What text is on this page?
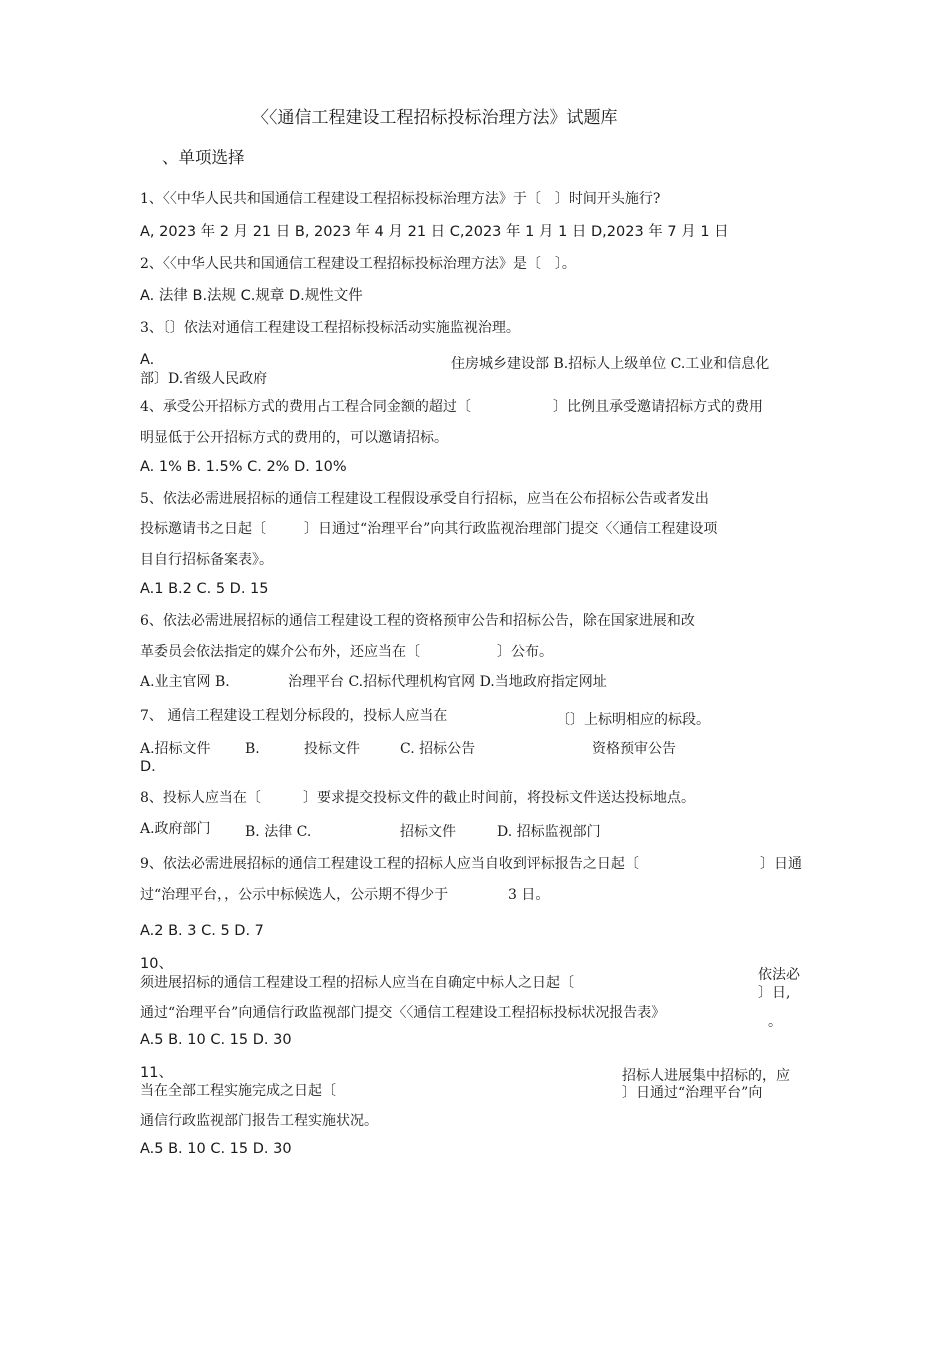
〈〈通信工程建设工程招标投标治理方法》试题库
、单项选择
1、〈〈中华人民共和国通信工程建设工程招标投标治理方法》于〔　〕时间开头施行?
A, 2023 年 2 月 21 日 B, 2023 年 4 月 21 日 C,2023 年 1 月 1 日 D,2023 年 7 月 1 日
2、〈〈中华人民共和国通信工程建设工程招标投标治理方法》是〔　〕。
A. 法律 B.法规 C.规章 D.规性文件
3、〔〕依法对通信工程建设工程招标投标活动实施监视治理。
A.	住房城乡建设部 B.招标人上级单位 C.工业和信息化
部〕D.省级人民政府
4、承受公开招标方式的费用占工程合同金额的超过〔	〕比例且承受邀请招标方式的费用
明显低于公开招标方式的费用的，可以邀请招标。
A. 1% B. 1.5% C. 2% D. 10%
5、依法必需进展招标的通信工程建设工程假设承受自行招标，应当在公布招标公告或者发出
投标邀请书之日起〔	〕日通过“治理平台”向其行政监视治理部门提交〈〈通信工程建设项
目自行招标备案表》。
A.1 B.2 C. 5 D. 15
6、依法必需进展招标的通信工程建设工程的资格预审公告和招标公告，除在国家进展和改
革委员会依法指定的媒介公布外，还应当在〔	〕公布。
A.业主官网 B.	治理平台 C.招标代理机构官网 D.当地政府指定网址
7、 通信工程建设工程划分标段的，投标人应当在	〔〕上标明相应的标段。
A.招标文件 B.	投标文件	C. 招标公告	资格预审公告
D.
8、投标人应当在〔	〕要求提交投标文件的截止时间前，将投标文件送达投标地点。
A.政府部门 B. 法律 C.	招标文件	D. 招标监视部门
9、依法必需进展招标的通信工程建设工程的招标人应当自收到评标报告之日起〔	〕日通
过“治理平台，，公示中标候选人，公示期不得少于	3 日。
A.2 B. 3 C. 5 D. 7
10、
依法必
须进展招标的通信工程建设工程的招标人应当在自确定中标人之日起〔
〕日,
通过“治理平台”向通信行政监视部门提交〈〈通信工程建设工程招标投标状况报告表》
。
A.5 B. 10 C. 15 D. 30
11、	招标人进展集中招标的，应
当在全部工程实施完成之日起〔	〕日通过“治理平台”向
通信行政监视部门报告工程实施状况。
A.5 B. 10 C. 15 D. 30
